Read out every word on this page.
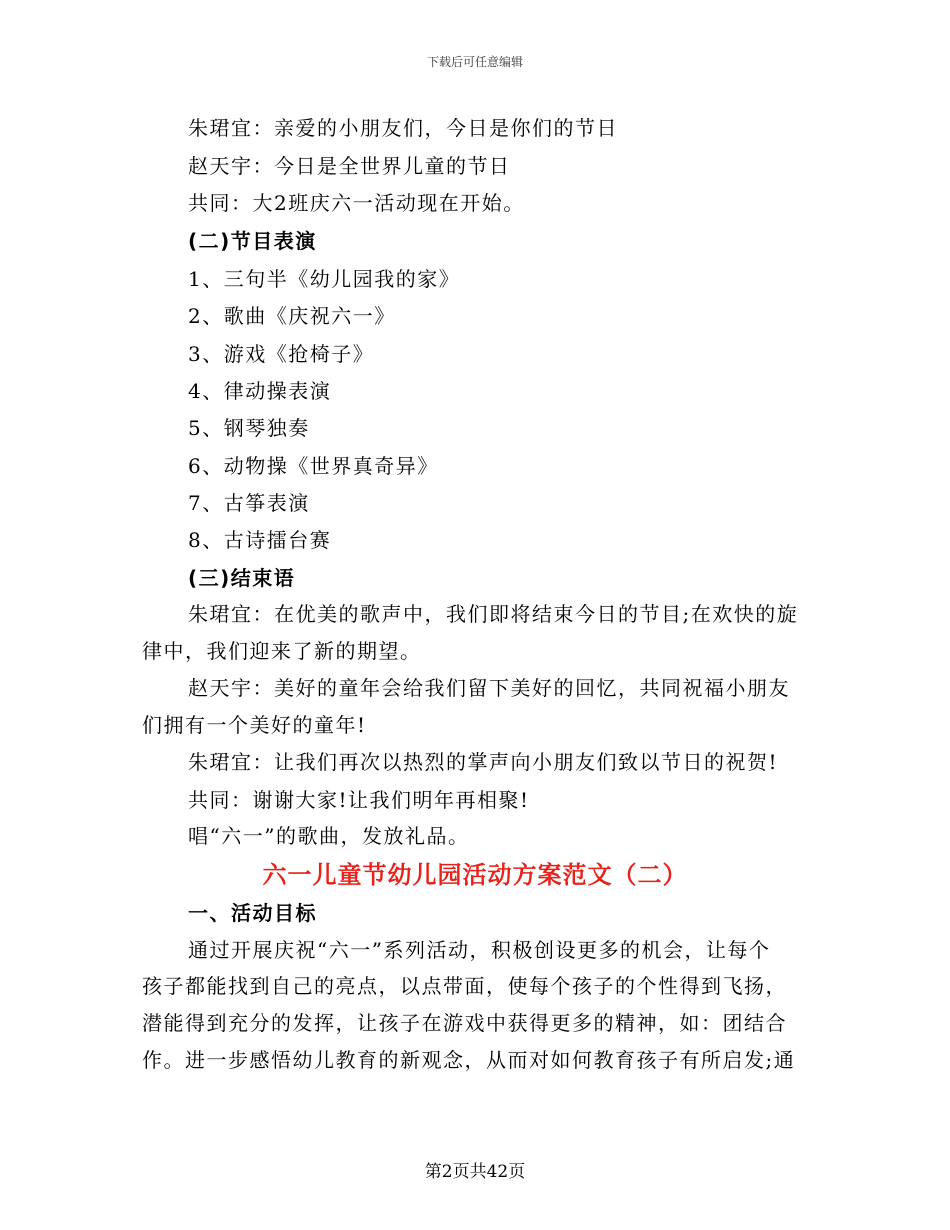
下载后可任意编辑
朱珺宜：亲爱的小朋友们，今日是你们的节日
赵天宇：今日是全世界儿童的节日
共同：大2班庆六一活动现在开始。
(二)节目表演
1、三句半《幼儿园我的家》
2、歌曲《庆祝六一》
3、游戏《抢椅子》
4、律动操表演
5、钢琴独奏
6、动物操《世界真奇异》
7、古筝表演
8、古诗擂台赛
(三)结束语
朱珺宜：在优美的歌声中，我们即将结束今日的节目;在欢快的旋
律中，我们迎来了新的期望。
赵天宇：美好的童年会给我们留下美好的回忆，共同祝福小朋友
们拥有一个美好的童年!
朱珺宜：让我们再次以热烈的掌声向小朋友们致以节日的祝贺!
共同：谢谢大家!让我们明年再相聚!
唱“六一”的歌曲，发放礼品。
六一儿童节幼儿园活动方案范文（二）
一、活动目标
通过开展庆祝“六一”系列活动，积极创设更多的机会，让每个
孩子都能找到自己的亮点，以点带面，使每个孩子的个性得到飞扬，
潜能得到充分的发挥，让孩子在游戏中获得更多的精神，如：团结合
作。进一步感悟幼儿教育的新观念，从而对如何教育孩子有所启发;通
第2页共42页
